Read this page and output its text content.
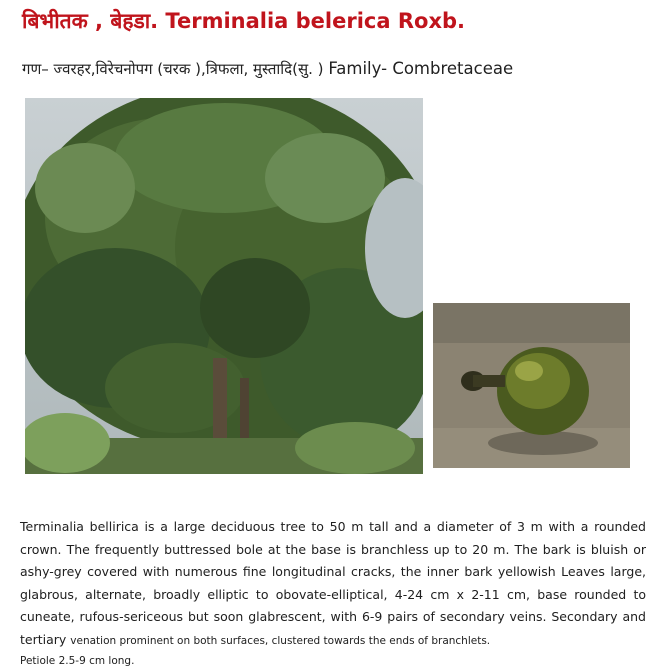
बिभीतक , बेहडा. Terminalia belerica Roxb.
गण– ज्वरहर,विरेचनोपग (चरक ),त्रिफला, मुस्तादि(सु. ) Family- Combretaceae
Terminalia bellirica is a large deciduous tree to 50 m tall and a diameter of 3 m with a rounded crown. The frequently buttressed bole at the base is branchless up to 20 m. The bark is bluish or ashy-grey covered with numerous fine longitudinal cracks, the inner bark yellowish Leaves large, glabrous, alternate, broadly elliptic to obovate-elliptical, 4-24 cm x 2-11 cm, base rounded to cuneate, rufous-sericeous but soon glabrescent, with 6-9 pairs of secondary veins. Secondary and tertiary venation prominent on both surfaces, clustered towards the ends of branchlets.
Petiole 2.5-9 cm long.
